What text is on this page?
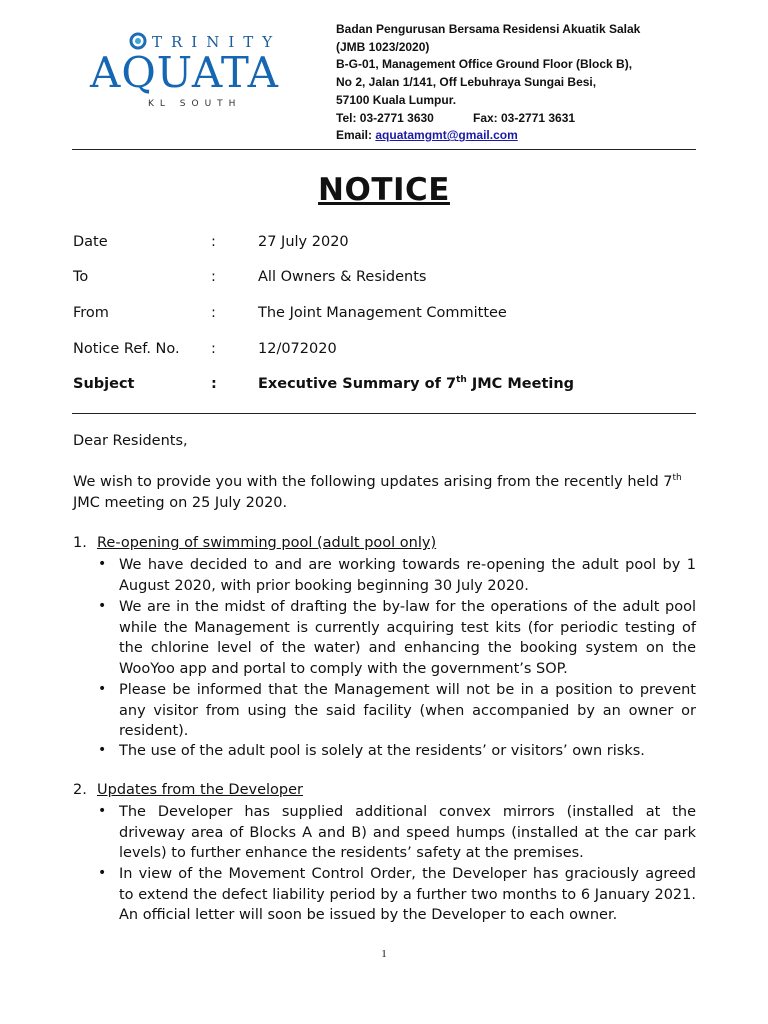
TRINITY
AQUATA
KL SOUTH
Badan Pengurusan Bersama Residensi Akuatik Salak
(JMB 1023/2020)
B-G-01, Management Office Ground Floor (Block B),
No 2, Jalan 1/141, Off Lebuhraya Sungai Besi,
57100 Kuala Lumpur.
Tel: 03-2771 3630	Fax: 03-2771 3631
Email: aquatamgmt@gmail.com
NOTICE
Date	:	27 July 2020
To	:	All Owners & Residents
From	:	The Joint Management Committee
Notice Ref. No. :	12/072020
Subject	:	Executive Summary of 7th JMC Meeting
Dear Residents,
We wish to provide you with the following updates arising from the recently held 7th
JMC meeting on 25 July 2020.
1. Re-opening of swimming pool (adult pool only)
• We have decided to and are working towards re-opening the adult pool by 1 August 2020, with prior booking beginning 30 July 2020.
• We are in the midst of drafting the by-law for the operations of the adult pool while the Management is currently acquiring test kits (for periodic testing of the chlorine level of the water) and enhancing the booking system on the WooYoo app and portal to comply with the government’s SOP.
• Please be informed that the Management will not be in a position to prevent any visitor from using the said facility (when accompanied by an owner or resident).
• The use of the adult pool is solely at the residents’ or visitors’ own risks.
2. Updates from the Developer
• The Developer has supplied additional convex mirrors (installed at the driveway area of Blocks A and B) and speed humps (installed at the car park levels) to further enhance the residents’ safety at the premises.
• In view of the Movement Control Order, the Developer has graciously agreed to extend the defect liability period by a further two months to 6 January 2021. An official letter will soon be issued by the Developer to each owner.
1
